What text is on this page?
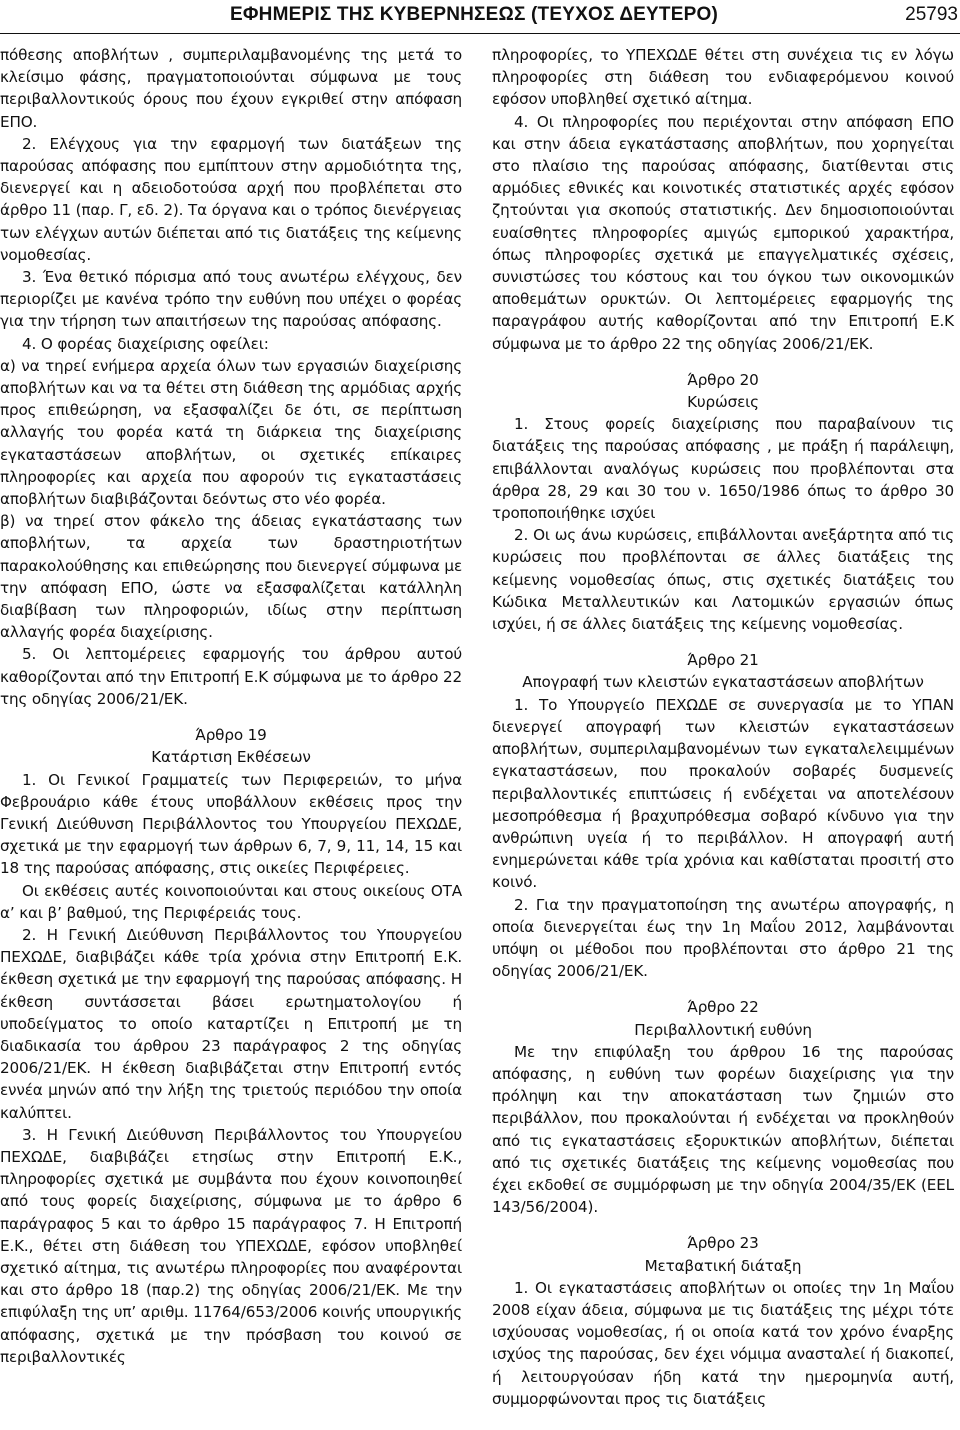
ΕΦΗΜΕΡΙΣ ΤΗΣ ΚΥΒΕΡΝΗΣΕΩΣ (ΤΕΥΧΟΣ ΔΕΥΤΕΡΟ)	25793

πόθεσης αποβλήτων , συμπεριλαμβανομένης της μετά το κλείσιμο φάσης, πραγματοποιούνται σύμφωνα με τους περιβαλλοντικούς όρους που έχουν εγκριθεί στην απόφαση ΕΠΟ.

2. Ελέγχους για την εφαρμογή των διατάξεων της παρούσας απόφασης που εμπίπτουν στην αρμοδιότητα της, διενεργεί και η αδειοδοτούσα αρχή που προβλέπεται στο άρθρο 11 (παρ. Γ, εδ. 2). Τα όργανα και ο τρόπος διενέργειας των ελέγχων αυτών διέπεται από τις διατάξεις της κείμενης νομοθεσίας.

3. Ένα θετικό πόρισμα από τους ανωτέρω ελέγχους, δεν περιορίζει με κανένα τρόπο την ευθύνη που υπέχει ο φορέας για την τήρηση των απαιτήσεων της παρούσας απόφασης.

4. Ο φορέας διαχείρισης οφείλει:

α) να τηρεί ενήμερα αρχεία όλων των εργασιών διαχείρισης αποβλήτων και να τα θέτει στη διάθεση της αρμόδιας αρχής προς επιθεώρηση, να εξασφαλίζει δε ότι, σε περίπτωση αλλαγής του φορέα κατά τη διάρκεια της διαχείρισης εγκαταστάσεων αποβλήτων, οι σχετικές επίκαιρες πληροφορίες και αρχεία που αφορούν τις εγκαταστάσεις αποβλήτων διαβιβάζονται δεόντως στο νέο φορέα.

β) να τηρεί στον φάκελο της άδειας εγκατάστασης των αποβλήτων, τα αρχεία των δραστηριοτήτων παρακολούθησης και επιθεώρησης που διενεργεί σύμφωνα με την απόφαση ΕΠΟ, ώστε να εξασφαλίζεται κατάλληλη διαβίβαση των πληροφοριών, ιδίως στην περίπτωση αλλαγής φορέα διαχείρισης.

5. Οι λεπτομέρειες εφαρμογής του άρθρου αυτού καθορίζονται από την Επιτροπή Ε.Κ σύμφωνα με το άρθρο 22 της οδηγίας 2006/21/ΕΚ.

Άρθρο 19

Κατάρτιση Εκθέσεων

1. Οι Γενικοί Γραμματείς των Περιφερειών, το μήνα Φεβρουάριο κάθε έτους υποβάλλουν εκθέσεις προς την Γενική Διεύθυνση Περιβάλλοντος του Υπουργείου ΠΕΧΩΔΕ, σχετικά με την εφαρμογή των άρθρων 6, 7, 9, 11, 14, 15 και 18 της παρούσας απόφασης, στις οικείες Περιφέρειες.

Οι εκθέσεις αυτές κοινοποιούνται και στους οικείους ΟΤΑ α’ και β’ βαθμού, της Περιφέρειάς τους.

2. Η Γενική Διεύθυνση Περιβάλλοντος του Υπουργείου ΠΕΧΩΔΕ, διαβιβάζει κάθε τρία χρόνια στην Επιτροπή Ε.Κ. έκθεση σχετικά με την εφαρμογή της παρούσας απόφασης. Η έκθεση συντάσσεται βάσει ερωτηματολογίου ή υποδείγματος το οποίο καταρτίζει η Επιτροπή με τη διαδικασία του άρθρου 23 παράγραφος 2 της οδηγίας 2006/21/ΕΚ. Η έκθεση διαβιβάζεται στην Επιτροπή εντός εννέα μηνών από την λήξη της τριετούς περιόδου την οποία καλύπτει.

3. Η Γενική Διεύθυνση Περιβάλλοντος του Υπουργείου ΠΕΧΩΔΕ, διαβιβάζει ετησίως στην Επιτροπή Ε.Κ., πληροφορίες σχετικά με συμβάντα που έχουν κοινοποιηθεί από τους φορείς διαχείρισης, σύμφωνα με το άρθρο 6 παράγραφος 5 και το άρθρο 15 παράγραφος 7. Η Επιτροπή Ε.Κ., θέτει στη διάθεση του ΥΠΕΧΩΔΕ, εφόσον υποβληθεί σχετικό αίτημα, τις ανωτέρω πληροφορίες που αναφέρονται και στο άρθρο 18 (παρ.2) της οδηγίας 2006/21/ΕΚ. Με την επιφύλαξη της υπ’ αριθμ. 11764/653/2006 κοινής υπουργικής απόφασης, σχετικά με την πρόσβαση του κοινού σε περιβαλλοντικές

πληροφορίες, το ΥΠΕΧΩΔΕ θέτει στη συνέχεια τις εν λόγω πληροφορίες στη διάθεση του ενδιαφερόμενου κοινού εφόσον υποβληθεί σχετικό αίτημα.

4. Οι πληροφορίες που περιέχονται στην απόφαση ΕΠΟ και στην άδεια εγκατάστασης αποβλήτων, που χορηγείται στο πλαίσιο της παρούσας απόφασης, διατίθενται στις αρμόδιες εθνικές και κοινοτικές στατιστικές αρχές εφόσον ζητούνται για σκοπούς στατιστικής. Δεν δημοσιοποιούνται ευαίσθητες πληροφορίες αμιγώς εμπορικού χαρακτήρα, όπως πληροφορίες σχετικά με επαγγελματικές σχέσεις, συνιστώσες του κόστους και του όγκου των οικονομικών αποθεμάτων ορυκτών. Οι λεπτομέρειες εφαρμογής της παραγράφου αυτής καθορίζονται από την Επιτροπή Ε.Κ σύμφωνα με το άρθρο 22 της οδηγίας 2006/21/ΕΚ.

Άρθρο 20

Κυρώσεις

1. Στους φορείς διαχείρισης που παραβαίνουν τις διατάξεις της παρούσας απόφασης , με πράξη ή παράλειψη, επιβάλλονται αναλόγως κυρώσεις που προβλέπονται στα άρθρα 28, 29 και 30 του ν. 1650/1986 όπως το άρθρο 30 τροποποιήθηκε ισχύει

2. Οι ως άνω κυρώσεις, επιβάλλονται ανεξάρτητα από τις κυρώσεις που προβλέπονται σε άλλες διατάξεις της κείμενης νομοθεσίας όπως, στις σχετικές διατάξεις του Κώδικα Μεταλλευτικών και Λατομικών εργασιών όπως ισχύει, ή σε άλλες διατάξεις της κείμενης νομοθεσίας.

Άρθρο 21

Απογραφή των κλειστών εγκαταστάσεων αποβλήτων

1. Το Υπουργείο ΠΕΧΩΔΕ σε συνεργασία με το ΥΠΑΝ διενεργεί απογραφή των κλειστών εγκαταστάσεων αποβλήτων, συμπεριλαμβανομένων των εγκαταλελειμμένων εγκαταστάσεων, που προκαλούν σοβαρές δυσμενείς περιβαλλοντικές επιπτώσεις ή ενδέχεται να αποτελέσουν μεσοπρόθεσμα ή βραχυπρόθεσμα σοβαρό κίνδυνο για την ανθρώπινη υγεία ή το περιβάλλον. Η απογραφή αυτή ενημερώνεται κάθε τρία χρόνια και καθίσταται προσιτή στο κοινό.

2. Για την πραγματοποίηση της ανωτέρω απογραφής, η οποία διενεργείται έως την 1η Μαΐου 2012, λαμβάνονται υπόψη οι μέθοδοι που προβλέπονται στο άρθρο 21 της οδηγίας 2006/21/ΕΚ.

Άρθρο 22

Περιβαλλοντική ευθύνη

Με την επιφύλαξη του άρθρου 16 της παρούσας απόφασης, η ευθύνη των φορέων διαχείρισης για την πρόληψη και την αποκατάσταση των ζημιών στο περιβάλλον, που προκαλούνται ή ενδέχεται να προκληθούν από τις εγκαταστάσεις εξορυκτικών αποβλήτων, διέπεται από τις σχετικές διατάξεις της κείμενης νομοθεσίας που έχει εκδοθεί σε συμμόρφωση με την οδηγία 2004/35/ΕΚ (EEL 143/56/2004).

Άρθρο 23

Μεταβατική διάταξη

1. Οι εγκαταστάσεις αποβλήτων οι οποίες την 1η Μαΐου 2008 είχαν άδεια, σύμφωνα με τις διατάξεις της μέχρι τότε ισχύουσας νομοθεσίας, ή οι οποία κατά τον χρόνο έναρξης ισχύος της παρούσας, δεν έχει νόμιμα ανασταλεί ή διακοπεί, ή λειτουργούσαν ήδη κατά την ημερομηνία αυτή, συμμορφώνονται προς τις διατάξεις
